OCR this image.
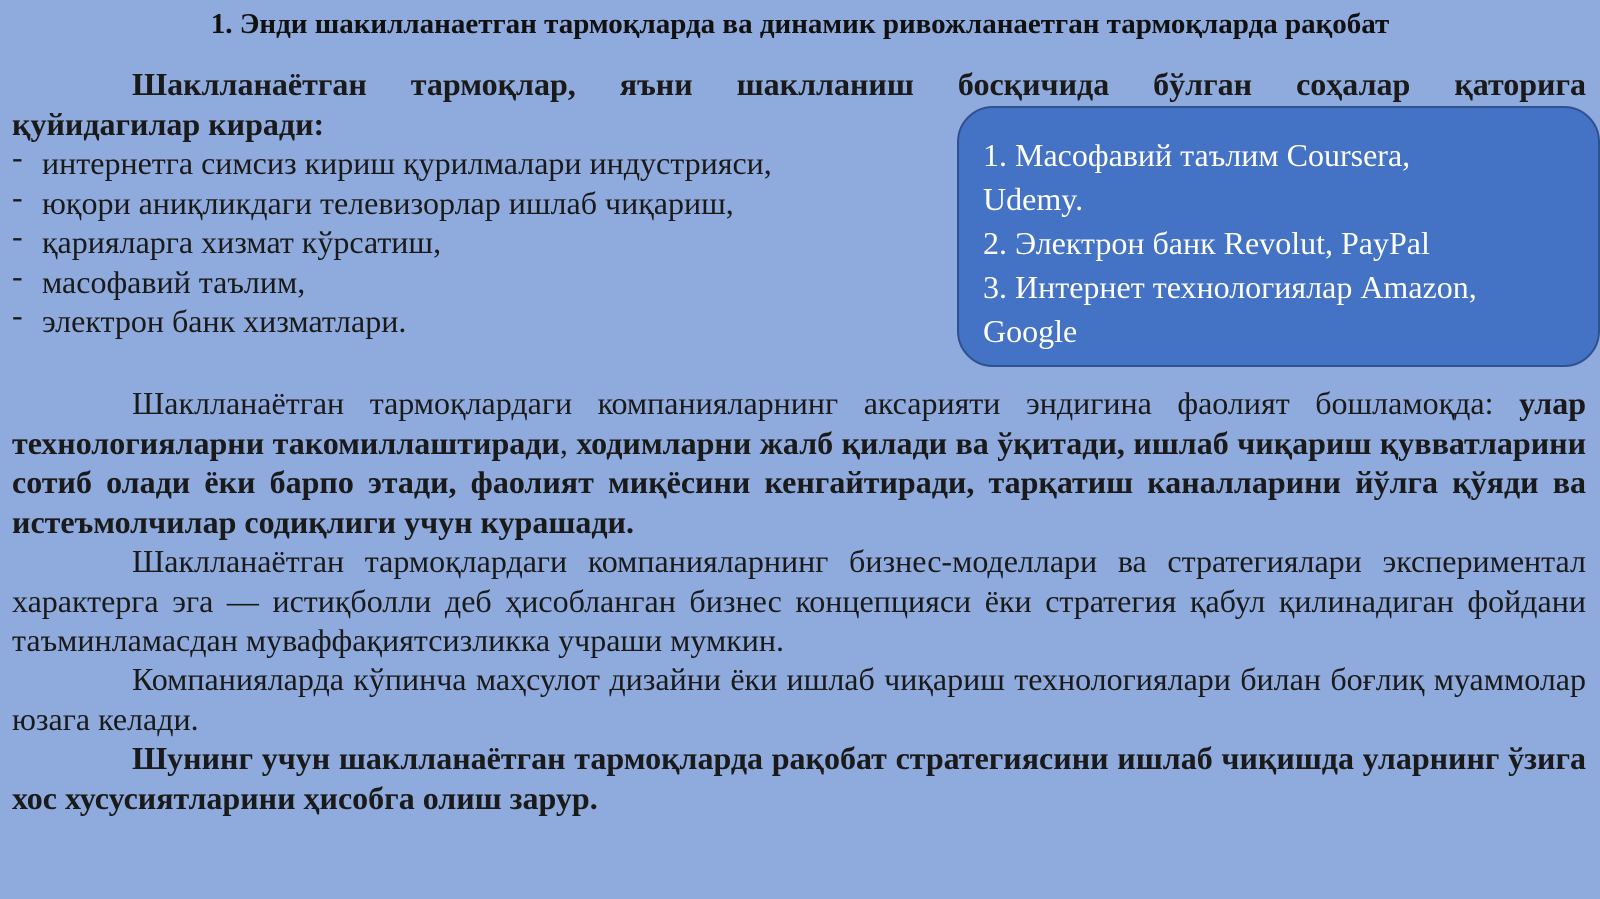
1. Энди шакилланаетган тармоқларда ва динамик ривожланаетган тармоқларда рақобат
Шаклланаётган тармоқлар, яъни шаклланиш босқичида бўлган соҳалар қаторига
қуйидагилар киради:
- интернетга симсиз кириш қурилмалари индустрияси,
- юқори аниқликдаги телевизорлар ишлаб чиқариш,
- қарияларга хизмат кўрсатиш,
- масофавий таълим,
- электрон банк хизматлари.
1. Масофавий таълим Coursera,
Udemy.
2. Электрон банк Revolut, PayPal
3. Интернет технологиялар Amazon,
Google
Шаклланаётган тармоқлардаги компанияларнинг аксарияти эндигина фаолият бошламоқда: улар технологияларни такомиллаштиради, ходимларни жалб қилади ва ўқитади, ишлаб чиқариш қувватларини сотиб олади ёки барпо этади, фаолият миқёсини кенгайтиради, тарқатиш каналларини йўлга қўяди ва истеъмолчилар содиқлиги учун курашади.
Шаклланаётган тармоқлардаги компанияларнинг бизнес-моделлари ва стратегиялари экспериментал характерга эга — истиқболли деб ҳисобланган бизнес концепцияси ёки стратегия қабул қилинадиган фойдани таъминламасдан муваффақиятсизликка учраши мумкин.
Компанияларда кўпинча маҳсулот дизайни ёки ишлаб чиқариш технологиялари билан боғлиқ муаммолар юзага келади.
Шунинг учун шаклланаётган тармоқларда рақобат стратегиясини ишлаб чиқишда уларнинг ўзига хос хусусиятларини ҳисобга олиш зарур.
